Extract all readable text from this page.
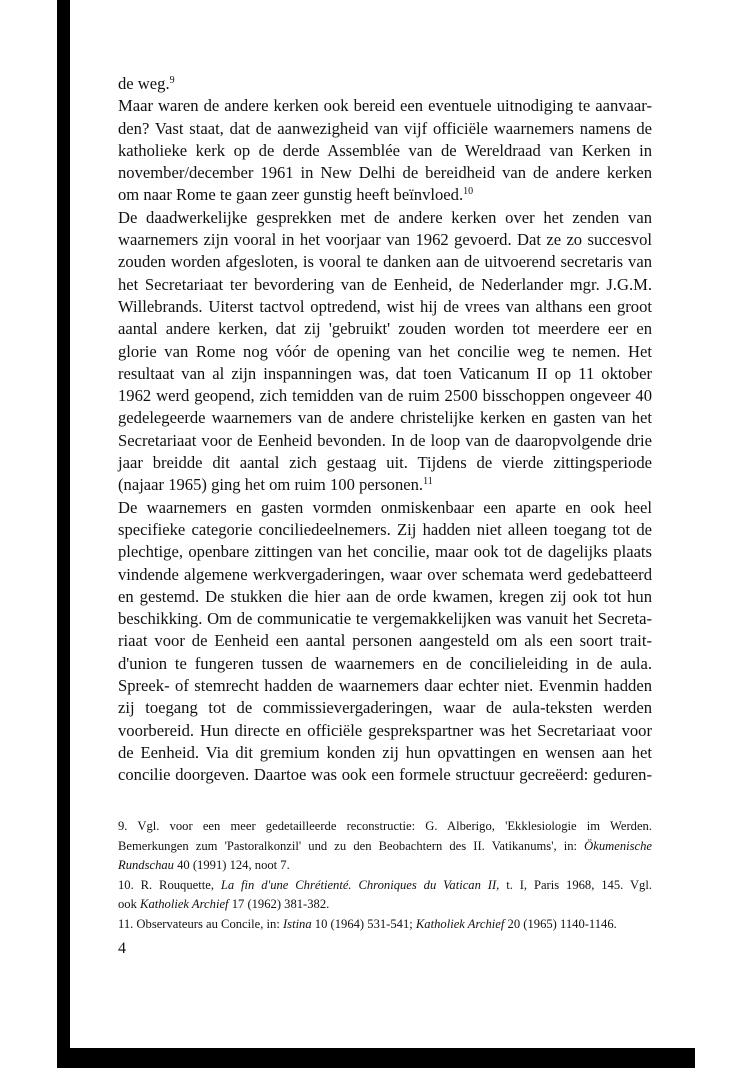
de weg.$^9$
Maar waren de andere kerken ook bereid een eventuele uitnodiging te aanvaar-
den? Vast staat, dat de aanwezigheid van vijf officiële waarnemers namens de
katholieke kerk op de derde Assemblée van de Wereldraad van Kerken in
november/december 1961 in New Delhi de bereidheid van de andere kerken
om naar Rome te gaan zeer gunstig heeft beïnvloed.$^{10}$
De daadwerkelijke gesprekken met de andere kerken over het zenden van
waarnemers zijn vooral in het voorjaar van 1962 gevoerd. Dat ze zo succesvol
zouden worden afgesloten, is vooral te danken aan de uitvoerend secretaris van
het Secretariaat ter bevordering van de Eenheid, de Nederlander mgr. J.G.M.
Willebrands. Uiterst tactvol optredend, wist hij de vrees van althans een groot
aantal andere kerken, dat zij 'gebruikt' zouden worden tot meerdere eer en
glorie van Rome nog vóór de opening van het concilie weg te nemen. Het
resultaat van al zijn inspanningen was, dat toen Vaticanum II op 11 oktober
1962 werd geopend, zich temidden van de ruim 2500 bisschoppen ongeveer 40
gedelegeerde waarnemers van de andere christelijke kerken en gasten van het
Secretariaat voor de Eenheid bevonden. In de loop van de daaropvolgende drie
jaar breidde dit aantal zich gestaag uit. Tijdens de vierde zittingsperiode
(najaar 1965) ging het om ruim 100 personen.$^{11}$
De waarnemers en gasten vormden onmiskenbaar een aparte en ook heel
specifieke categorie conciliedeelnemers. Zij hadden niet alleen toegang tot de
plechtige, openbare zittingen van het concilie, maar ook tot de dagelijks plaats
vindende algemene werkvergaderingen, waar over schemata werd gedebatteerd
en gestemd. De stukken die hier aan de orde kwamen, kregen zij ook tot hun
beschikking. Om de communicatie te vergemakkelijken was vanuit het Secreta-
riaat voor de Eenheid een aantal personen aangesteld om als een soort trait-
d'union te fungeren tussen de waarnemers en de concilieleiding in de aula.
Spreek- of stemrecht hadden de waarnemers daar echter niet. Evenmin hadden
zij toegang tot de commissievergaderingen, waar de aula-teksten werden
voorbereid. Hun directe en officiële gesprekspartner was het Secretariaat voor
de Eenheid. Via dit gremium konden zij hun opvattingen en wensen aan het
concilie doorgeven. Daartoe was ook een formele structuur gecreëerd: geduren-
9. Vgl. voor een meer gedetailleerde reconstructie: G. Alberigo, 'Ekklesiologie im Werden.
Bemerkungen zum 'Pastoralkonzil' und zu den Beobachtern des II. Vatikanums', in: Ökumenische
Rundschau 40 (1991) 124, noot 7.
10. R. Rouquette, La fin d'une Chrétienté. Chroniques du Vatican II, t. I, Paris 1968, 145. Vgl.
ook Katholiek Archief 17 (1962) 381-382.
11. Observateurs au Concile, in: Istina 10 (1964) 531-541; Katholiek Archief 20 (1965) 1140-1146.
4
